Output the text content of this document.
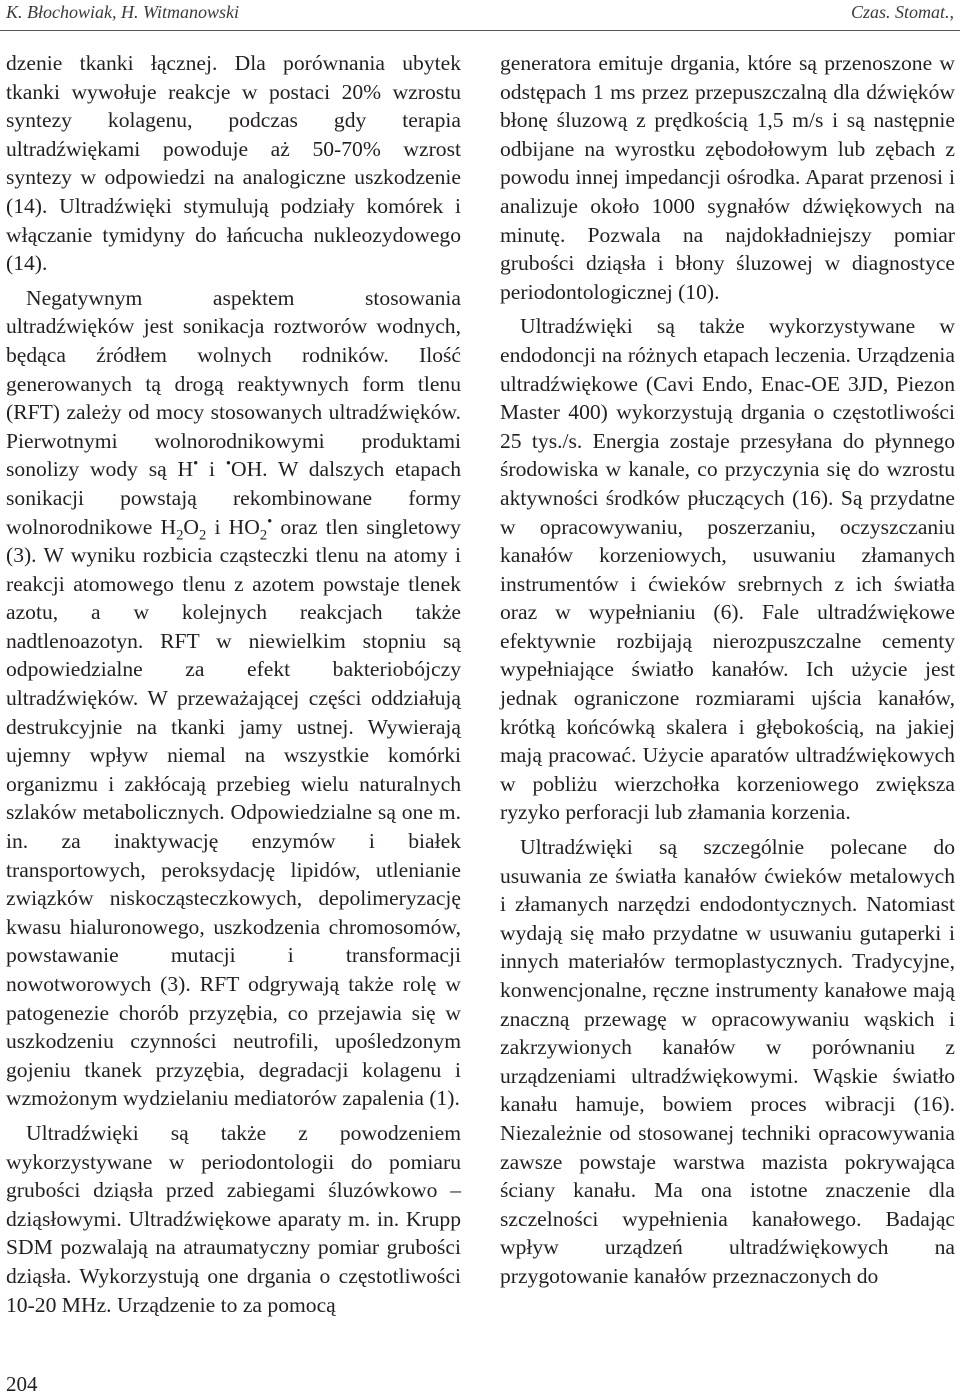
K. Błochowiak, H. Witmanowski	Czas. Stomat.,

dzenie tkanki łącznej. Dla porównania ubytek tkanki wywołuje reakcje w postaci 20% wzrostu syntezy kolagenu, podczas gdy terapia ultradźwiękami powoduje aż 50-70% wzrost syntezy w odpowiedzi na analogiczne uszkodzenie (14). Ultradźwięki stymulują podziały komórek i włączanie tymidyny do łańcucha nukleozydowego (14).

Negatywnym aspektem stosowania ultradźwięków jest sonikacja roztworów wodnych, będąca źródłem wolnych rodników. Ilość generowanych tą drogą reaktywnych form tlenu (RFT) zależy od mocy stosowanych ultradźwięków. Pierwotnymi wolnorodnikowymi produktami sonolizy wody są H• i •OH. W dalszych etapach sonikacji powstają rekombinowane formy wolnorodnikowe $H_2O_2$ i $HO_2^•$ oraz tlen singletowy (3). W wyniku rozbicia cząsteczki tlenu na atomy i reakcji atomowego tlenu z azotem powstaje tlenek azotu, a w kolejnych reakcjach także nadtlenoazotyn. RFT w niewielkim stopniu są odpowiedzialne za efekt bakteriobójczy ultradźwięków. W przeważającej części oddziałują destrukcyjnie na tkanki jamy ustnej. Wywierają ujemny wpływ niemal na wszystkie komórki organizmu i zakłócają przebieg wielu naturalnych szlaków metabolicznych. Odpowiedzialne są one m. in. za inaktywację enzymów i białek transportowych, peroksydację lipidów, utlenianie związków niskocząsteczkowych, depolimeryzację kwasu hialuronowego, uszkodzenia chromosomów, powstawanie mutacji i transformacji nowotworowych (3). RFT odgrywają także rolę w patogenezie chorób przyzębia, co przejawia się w uszkodzeniu czynności neutrofili, upośledzonym gojeniu tkanek przyzębia, degradacji kolagenu i wzmożonym wydzielaniu mediatorów zapalenia (1).

Ultradźwięki są także z powodzeniem wykorzystywane w periodontologii do pomiaru grubości dziąsła przed zabiegami śluzówkowo – dziąsłowymi. Ultradźwiękowe aparaty m. in. Krupp SDM pozwalają na atraumatyczny pomiar grubości dziąsła. Wykorzystują one drgania o częstotliwości 10-20 MHz. Urządzenie to za pomocą

generatora emituje drgania, które są przenoszone w odstępach 1 ms przez przepuszczalną dla dźwięków błonę śluzową z prędkością 1,5 m/s i są następnie odbijane na wyrostku zębodołowym lub zębach z powodu innej impedancji ośrodka. Aparat przenosi i analizuje około 1000 sygnałów dźwiękowych na minutę. Pozwala na najdokładniejszy pomiar grubości dziąsła i błony śluzowej w diagnostyce periodontologicznej (10).

Ultradźwięki są także wykorzystywane w endodoncji na różnych etapach leczenia. Urządzenia ultradźwiękowe (Cavi Endo, Enac-OE 3JD, Piezon Master 400) wykorzystują drgania o częstotliwości 25 tys./s. Energia zostaje przesyłana do płynnego środowiska w kanale, co przyczynia się do wzrostu aktywności środków płuczących (16). Są przydatne w opracowywaniu, poszerzaniu, oczyszczaniu kanałów korzeniowych, usuwaniu złamanych instrumentów i ćwieków srebrnych z ich światła oraz w wypełnianiu (6). Fale ultradźwiękowe efektywnie rozbijają nierozpuszczalne cementy wypełniające światło kanałów. Ich użycie jest jednak ograniczone rozmiarami ujścia kanałów, krótką końcówką skalera i głębokością, na jakiej mają pracować. Użycie aparatów ultradźwiękowych w pobliżu wierzchołka korzeniowego zwiększa ryzyko perforacji lub złamania korzenia.

Ultradźwięki są szczególnie polecane do usuwania ze światła kanałów ćwieków metalowych i złamanych narzędzi endodontycznych. Natomiast wydają się mało przydatne w usuwaniu gutaperki i innych materiałów termoplastycznych. Tradycyjne, konwencjonalne, ręczne instrumenty kanałowe mają znaczną przewagę w opracowywaniu wąskich i zakrzywionych kanałów w porównaniu z urządzeniami ultradźwiękowymi. Wąskie światło kanału hamuje, bowiem proces wibracji (16). Niezależnie od stosowanej techniki opracowywania zawsze powstaje warstwa mazista pokrywająca ściany kanału. Ma ona istotne znaczenie dla szczelności wypełnienia kanałowego. Badając wpływ urządzeń ultradźwiękowych na przygotowanie kanałów przeznaczonych do

204
